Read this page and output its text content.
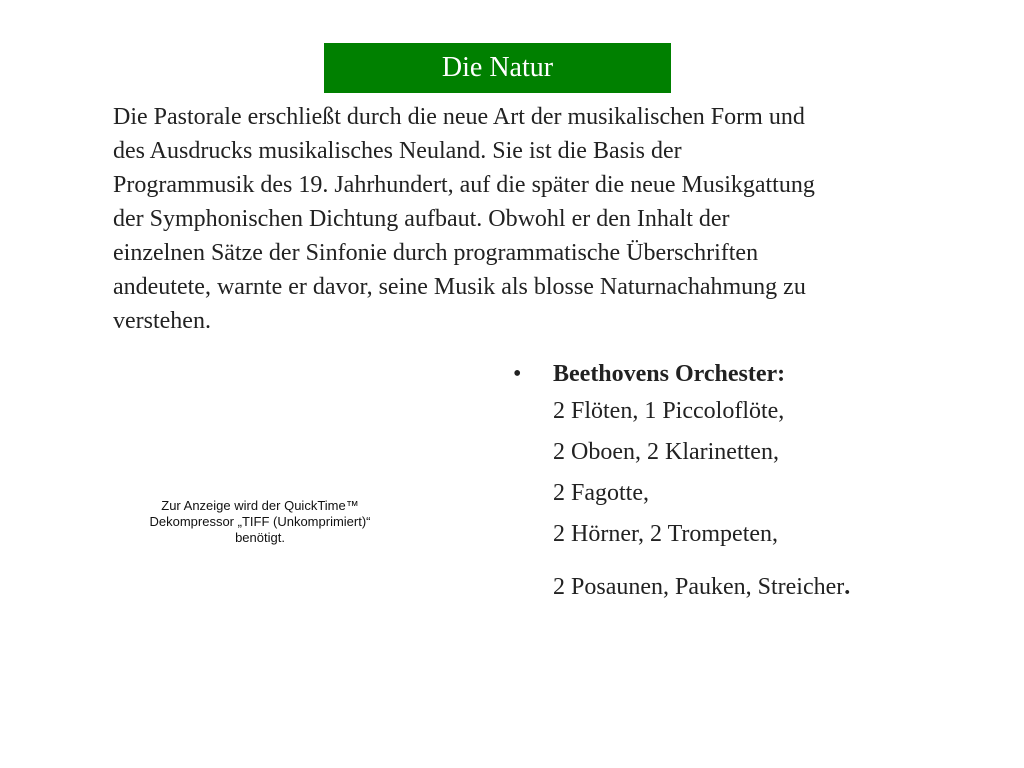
Die Natur

Die Pastorale erschließt durch die neue Art der musikalischen Form und
des Ausdrucks musikalisches Neuland. Sie ist die Basis der
Programmusik des 19. Jahrhundert, auf die später die neue Musikgattung
der Symphonischen Dichtung aufbaut. Obwohl er den Inhalt der
einzelnen Sätze der Sinfonie durch programmatische Überschriften
andeutete, warnte er davor, seine Musik als blosse Naturnachahmung zu
verstehen.

Zur Anzeige wird der QuickTime™
Dekompressor „TIFF (Unkomprimiert)“
benötigt.
• Beethovens Orchester:
2 Flöten, 1 Piccoloflöte,
2 Oboen, 2 Klarinetten,
2 Fagotte,
2 Hörner, 2 Trompeten,
2 Posaunen, Pauken, Streicher.
